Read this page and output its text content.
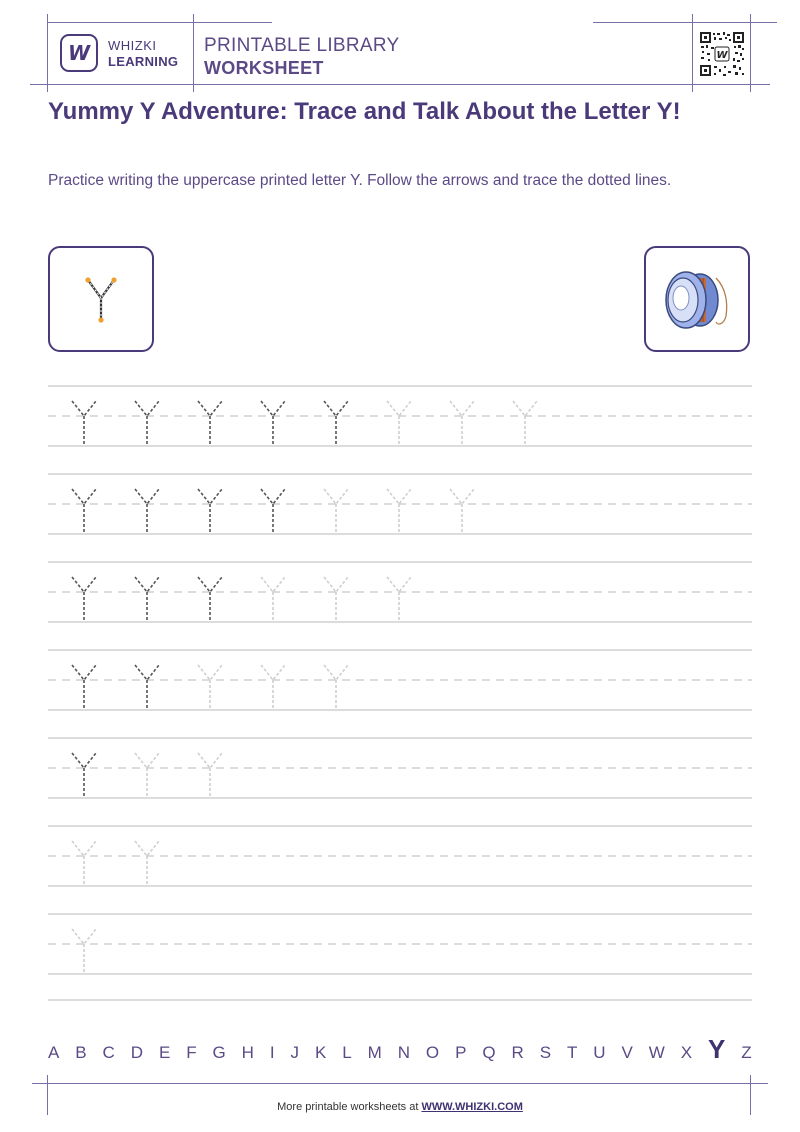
W WHIZKI
LEARNING
PRINTABLE LIBRARY
WORKSHEET
W
Yummy Y Adventure: Trace and Talk About the Letter Y!
Practice writing the uppercase printed letter Y. Follow the arrows and trace the dotted lines.
A B C D E F G H I J K L M N O P Q R S T U V W X Y Z
More printable worksheets at WWW.WHIZKI.COM
